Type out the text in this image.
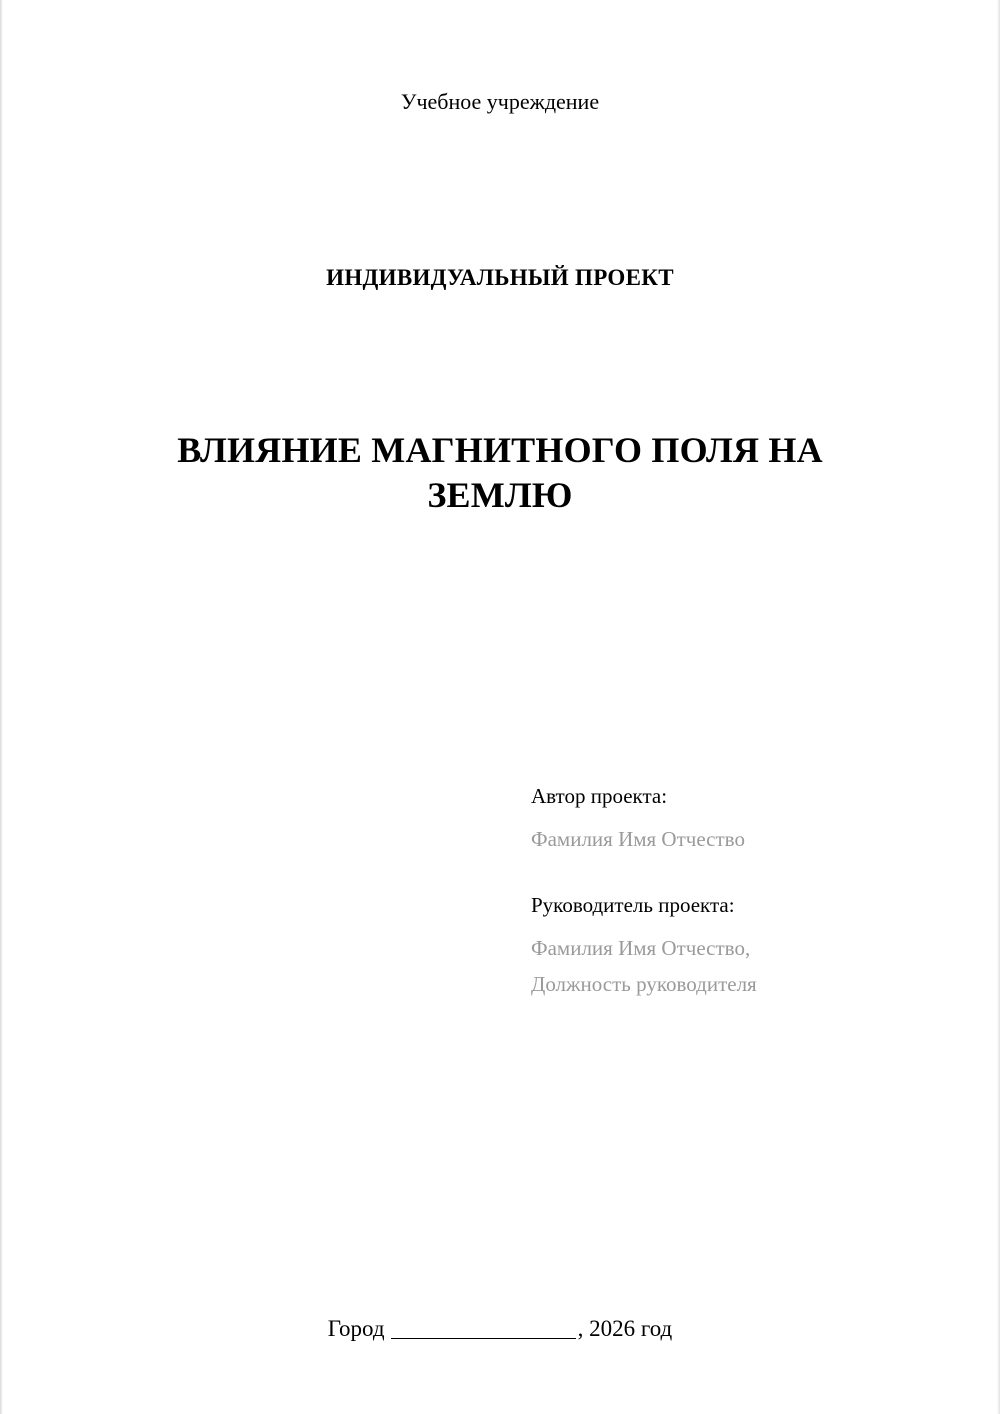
Учебное учреждение
ИНДИВИДУАЛЬНЫЙ ПРОЕКТ
ВЛИЯНИЕ МАГНИТНОГО ПОЛЯ НА ЗЕМЛЮ

Автор проекта:

Фамилия Имя Отчество

Руководитель проекта:

Фамилия Имя Отчество,
Должность руководителя

Город	, 2026 год
